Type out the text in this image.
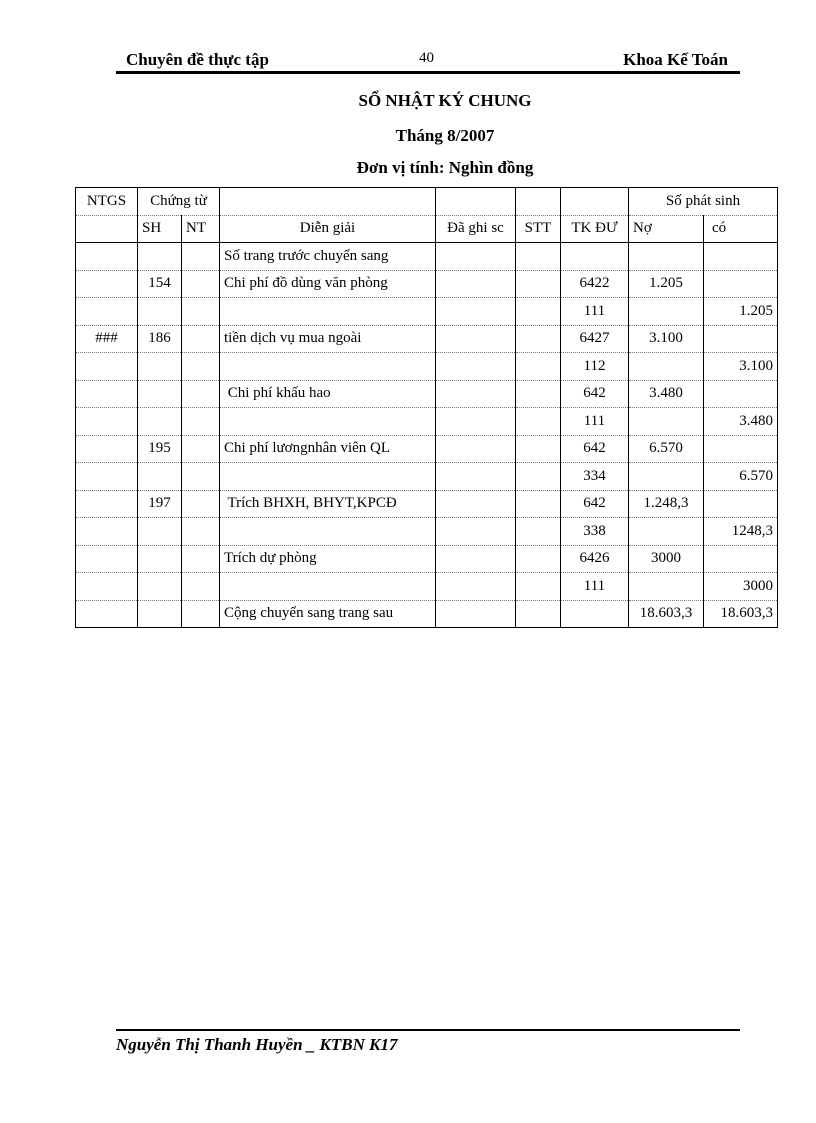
Chuyên đề thực tập	40	Khoa Kế Toán
SỔ NHẬT KÝ CHUNG
Tháng 8/2007
Đơn vị tính: Nghìn đồng
NTGS	Chứng từ						Số phát sinh	
	SH	NT	Diễn giải	Đã ghi sc	STT	TK ĐƯ	Nợ	có
			Số trang trước chuyển sang					
	154		Chi phí đồ dùng văn phòng			6422	1.205	
						111		1.205
###	186		tiền dịch vụ mua ngoài			6427	3.100	
						112		3.100
			Chi phí khấu hao			642	3.480	
						111		3.480
	195		Chi phí lươngnhân viên QL			642	6.570	
						334		6.570
	197		Trích BHXH, BHYT,KPCĐ			642	1.248,3	
						338		1248,3
			Trích dự phòng			6426	3000	
						111		3000
			Cộng chuyển sang trang sau				18.603,3	18.603,3
Nguyễn Thị Thanh Huyền _ KTBN K17
